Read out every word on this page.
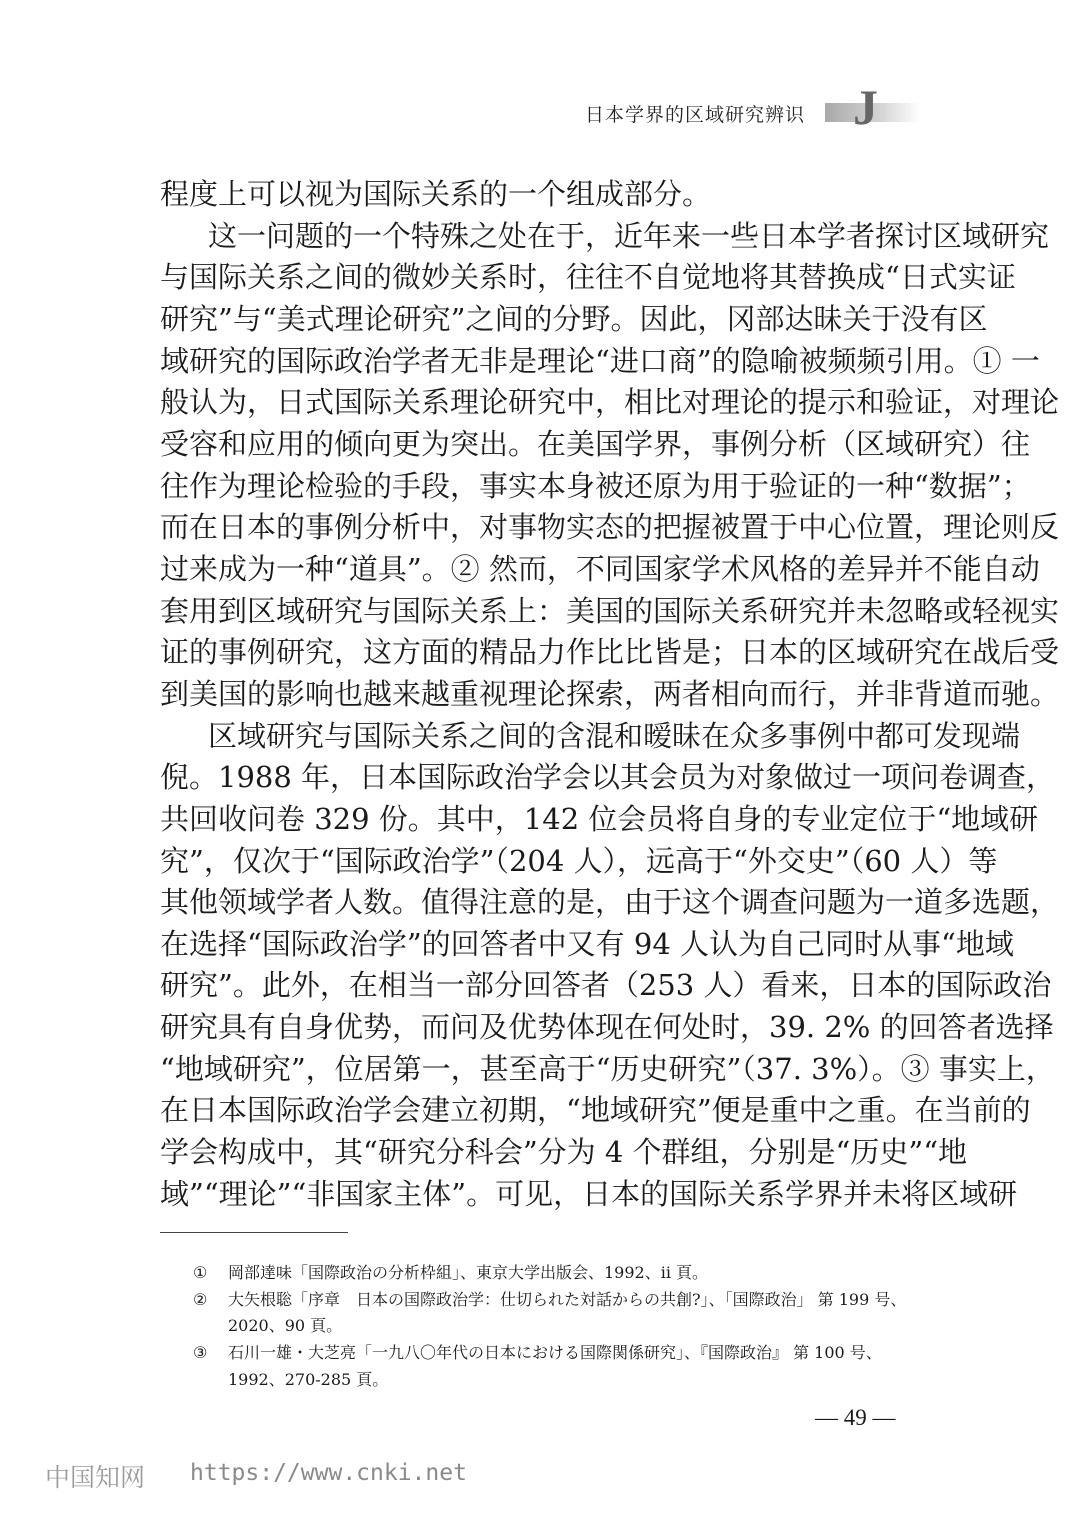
日本学界的区域研究辨识 J
程度上可以视为国际关系的一个组成部分。
这一问题的一个特殊之处在于，近年来一些日本学者探讨区域研究
与国际关系之间的微妙关系时，往往不自觉地将其替换成“日式实证
研究”与“美式理论研究”之间的分野。因此，冈部达昧关于没有区
域研究的国际政治学者无非是理论“进口商”的隐喻被频频引用。① 一
般认为，日式国际关系理论研究中，相比对理论的提示和验证，对理论
受容和应用的倾向更为突出。在美国学界，事例分析（区域研究）往
往作为理论检验的手段，事实本身被还原为用于验证的一种“数据”；
而在日本的事例分析中，对事物实态的把握被置于中心位置，理论则反
过来成为一种“道具”。② 然而，不同国家学术风格的差异并不能自动
套用到区域研究与国际关系上：美国的国际关系研究并未忽略或轻视实
证的事例研究，这方面的精品力作比比皆是；日本的区域研究在战后受
到美国的影响也越来越重视理论探索，两者相向而行，并非背道而驰。
区域研究与国际关系之间的含混和暧昧在众多事例中都可发现端
倪。1988 年，日本国际政治学会以其会员为对象做过一项问卷调查，
共回收问卷 329 份。其中，142 位会员将自身的专业定位于“地域研
究”，仅次于“国际政治学”（204 人），远高于“外交史”（60 人）等
其他领域学者人数。值得注意的是，由于这个调查问题为一道多选题，
在选择“国际政治学”的回答者中又有 94 人认为自己同时从事“地域
研究”。此外，在相当一部分回答者（253 人）看来，日本的国际政治
研究具有自身优势，而问及优势体现在何处时，39. 2% 的回答者选择
“地域研究”，位居第一，甚至高于“历史研究”（37. 3%）。③ 事实上，
在日本国际政治学会建立初期，“地域研究”便是重中之重。在当前的
学会构成中，其“研究分科会”分为 4 个群组，分别是“历史”“地
域”“理论”“非国家主体”。可见，日本的国际关系学界并未将区域研
①	岡部達味「国際政治の分析枠組」、東京大学出版会、1992、ii 頁。
②	大矢根聡「序章　日本の国際政治学：仕切られた対話からの共創?」、「国際政治」 第 199 号、2020、90 頁。
③	石川一雄・大芝亮「一九八〇年代の日本における国際関係研究」、『国際政治』 第 100 号、1992、270-285 頁。
— 49 —
中国知网 https://www.cnki.net
